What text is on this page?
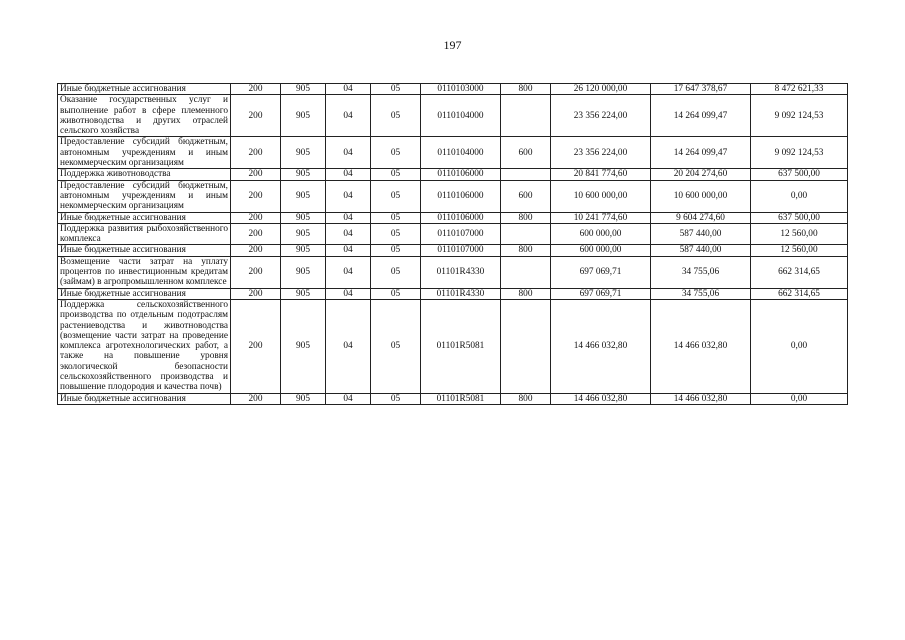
197
Иные бюджетные ассигнования	200	905	04	05	0110103000	800	26 120 000,00	17 647 378,67	8 472 621,33
Оказание государственных услуг и выполнение работ в сфере племенного животноводства и других отраслей сельского хозяйства	200	905	04	05	0110104000		23 356 224,00	14 264 099,47	9 092 124,53
Предоставление субсидий бюджетным, автономным учреждениям и иным некоммерческим организациям	200	905	04	05	0110104000	600	23 356 224,00	14 264 099,47	9 092 124,53
Поддержка животноводства	200	905	04	05	0110106000		20 841 774,60	20 204 274,60	637 500,00
Предоставление субсидий бюджетным, автономным учреждениям и иным некоммерческим организациям	200	905	04	05	0110106000	600	10 600 000,00	10 600 000,00	0,00
Иные бюджетные ассигнования	200	905	04	05	0110106000	800	10 241 774,60	9 604 274,60	637 500,00
Поддержка развития рыбохозяйственного комплекса	200	905	04	05	0110107000		600 000,00	587 440,00	12 560,00
Иные бюджетные ассигнования	200	905	04	05	0110107000	800	600 000,00	587 440,00	12 560,00
Возмещение части затрат на уплату процентов по инвестиционным кредитам (займам) в агропромышленном комплексе	200	905	04	05	01101R4330		697 069,71	34 755,06	662 314,65
Иные бюджетные ассигнования	200	905	04	05	01101R4330	800	697 069,71	34 755,06	662 314,65
Поддержка сельскохозяйственного производства по отдельным подотраслям растениеводства и животноводства (возмещение части затрат на проведение комплекса агротехнологических работ, а также на повышение уровня экологической безопасности сельскохозяйственного производства и повышение плодородия и качества почв)	200	905	04	05	01101R5081		14 466 032,80	14 466 032,80	0,00
Иные бюджетные ассигнования	200	905	04	05	01101R5081	800	14 466 032,80	14 466 032,80	0,00
